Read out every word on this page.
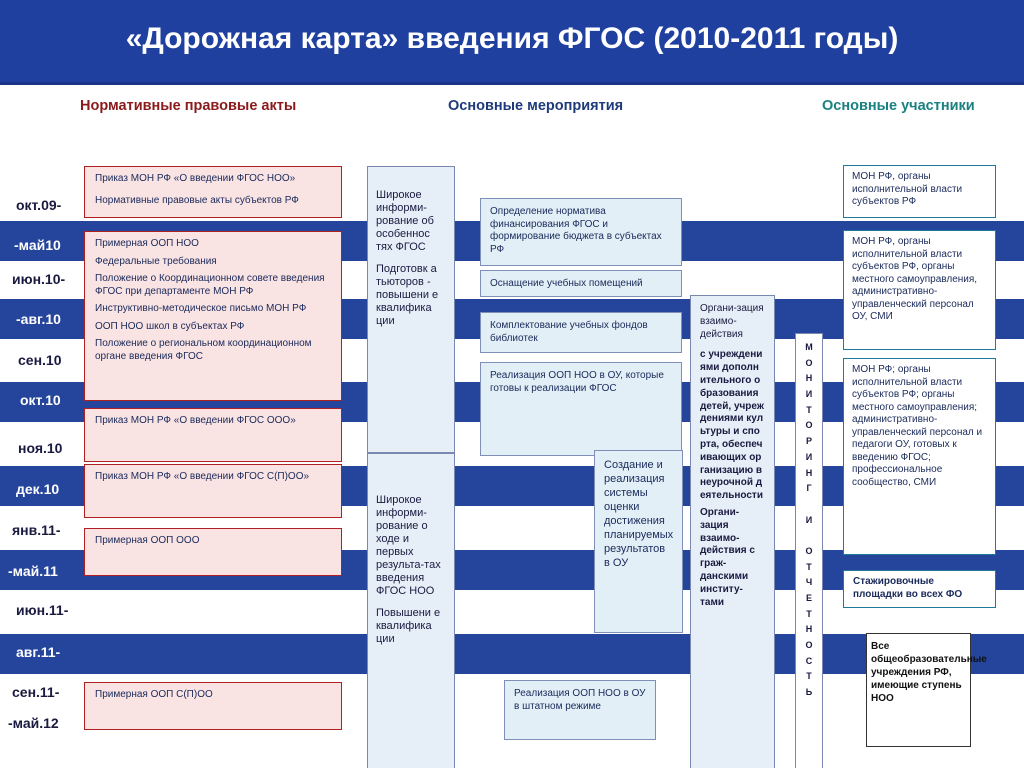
«Дорожная карта» введения ФГОС (2010-2011 годы)
Нормативные правовые акты	Основные мероприятия	Основные участники
окт.09-
-май10
июн.10-
-авг.10
сен.10
окт.10
ноя.10
дек.10
янв.11-
-май.11
июн.11-
авг.11-
сен.11-
-май.12
Приказ МОН РФ «О введении ФГОС НОО»
Нормативные правовые акты субъектов РФ
Примерная ООП НОО
Федеральные требования
Положение о Координационном совете введения ФГОС при департаменте МОН РФ
Инструктивно-методическое письмо МОН РФ
ООП НОО школ в субъектах РФ
Положение о региональном координационном органе введения ФГОС
Приказ МОН РФ «О введении ФГОС ООО»
Приказ МОН РФ «О введении ФГОС С(П)ОО»
Примерная ООП ООО
Примерная ООП С(П)ОО

Широкое информи-рование об особеннос тях ФГОС

Подготовк а тьюторов - повышени е квалифика ции

Широкое информи-рование о ходе и первых результа-тах введения ФГОС НОО

Повышени е квалифика ции

Определение норматива финансирования ФГОС и формирование бюджета в субъектах РФ
Оснащение учебных помещений
Комплектование учебных фондов библиотек
Реализация ООП НОО в ОУ, которые готовы к реализации ФГОС
Создание и реализация системы оценки достижения планируемых результатов в ОУ
Реализация ООП НОО в ОУ в штатном режиме

Органи-зация взаимо-действия

с учреждениями дополнительного образования детей, учреждениями культуры и спорта, обеспечивающих организацию внеурочной деятельности

Органи-зация взаимо-действия с граж-данскими институ-тами

М
О
Н
И
Т
О
Р
И
Н
Г

И

О
Т
Ч
Е
Т
Н
О
С
Т
Ь
МОН РФ, органы исполнительной власти субъектов РФ
МОН РФ, органы исполнительной власти субъектов РФ, органы местного самоуправления, административно-управленческий персонал ОУ, СМИ
МОН РФ; органы исполнительной власти субъектов РФ; органы местного самоуправления; административно-управленческий персонал и педагоги ОУ, готовых к введению ФГОС; профессиональное сообщество, СМИ
Стажировочные площадки во всех ФО
Все общеобразовательные учреждения РФ, имеющие ступень НОО
